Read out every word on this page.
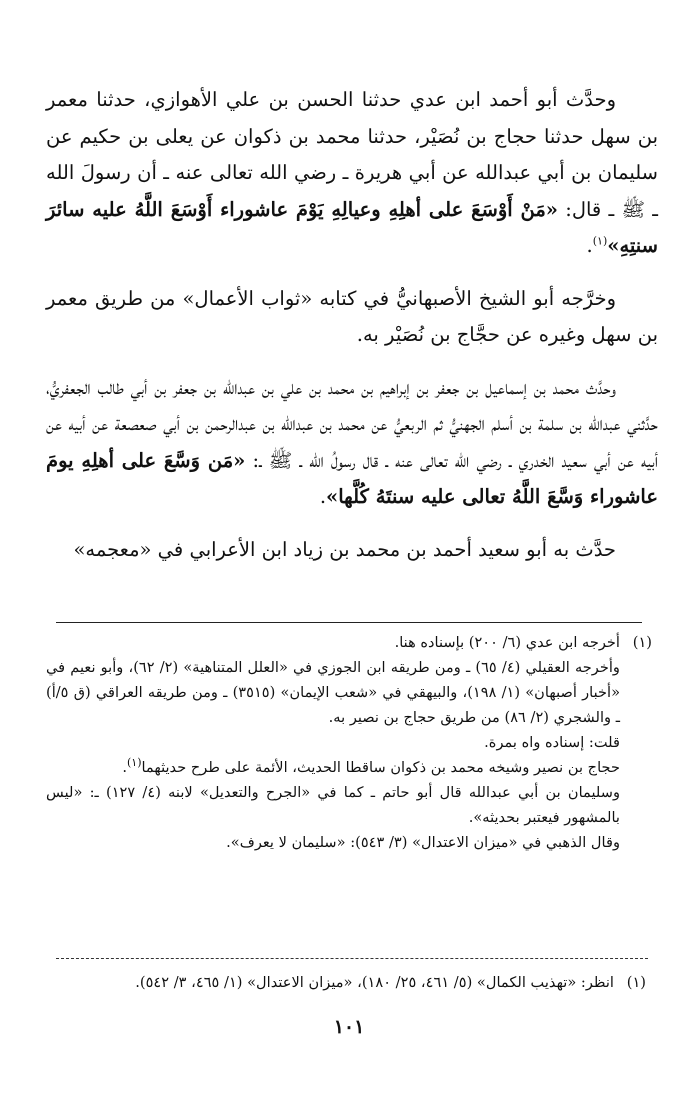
وحدَّث أبو أحمد ابن عدي حدثنا الحسن بن علي الأهوازي، حدثنا معمر بن سهل حدثنا حجاج بن نُصَيْر، حدثنا محمد بن ذكوان عن يعلى بن حكيم عن سليمان بن أبي عبدالله عن أبي هريرة ـ رضي الله تعالى عنه ـ أن رسولَ الله ـ ﷺ ـ قال: «مَنْ أَوْسَعَ على أهلِهِ وعيالِهِ يَوْمَ عاشوراء أَوْسَعَ اللَّهُ عليه سائرَ سنتِهِ»$^{(١)}$.

وخرَّجه أبو الشيخ الأصبهانيُّ في كتابه «ثواب الأعمال» من طريق معمر بن سهل وغيره عن حجَّاج بن نُصَيْر به.

وحدَّث محمد بن إسماعيل بن جعفر بن إبراهيم بن محمد بن علي بن عبدالله بن جعفر بن أبي طالب الجعفريُّ، حدَّثني عبدالله بن سلمة بن أسلم الجهنيُّ ثم الربعيُّ عن محمد بن عبدالله بن عبدالرحمن بن أبي صعصعة عن أبيه عن أبيه عن أبي سعيد الخدري ـ رضي الله تعالى عنه ـ قال رسولُ الله ـ ﷺ ـ: «مَن وَسَّعَ على أهلِهِ يومَ عاشوراء وَسَّعَ اللَّهُ تعالى عليه سنتَهُ كُلَّها».

حدَّث به أبو سعيد أحمد بن محمد بن زياد ابن الأعرابي في «معجمه»

(١)
أخرجه ابن عدي (٦/ ٢٠٠) بإسناده هنا.
وأخرجه العقيلي (٤/ ٦٥) ـ ومن طريقه ابن الجوزي في «العلل المتناهية» (٢/ ٦٢)، وأبو نعيم في «أخبار أصبهان» (١/ ١٩٨)، والبيهقي في «شعب الإيمان» (٣٥١٥) ـ ومن طريقه العراقي (ق ٥/أ) ـ والشجري (٢/ ٨٦) من طريق حجاج بن نصير به.
قلت: إسناده واه بمرة.
حجاج بن نصير وشيخه محمد بن ذكوان ساقطا الحديث، الأئمة على طرح حديثهما$^{(١)}$.
وسليمان بن أبي عبدالله قال أبو حاتم ـ كما في «الجرح والتعديل» لابنه (٤/ ١٢٧) ـ: «ليس بالمشهور فيعتبر بحديثه».
وقال الذهبي في «ميزان الاعتدال» (٣/ ٥٤٣): «سليمان لا يعرف».
(١)
انظر: «تهذيب الكمال» (٥/ ٤٦١، ٢٥/ ١٨٠)، «ميزان الاعتدال» (١/ ٤٦٥، ٣/ ٥٤٢).
١٠١
